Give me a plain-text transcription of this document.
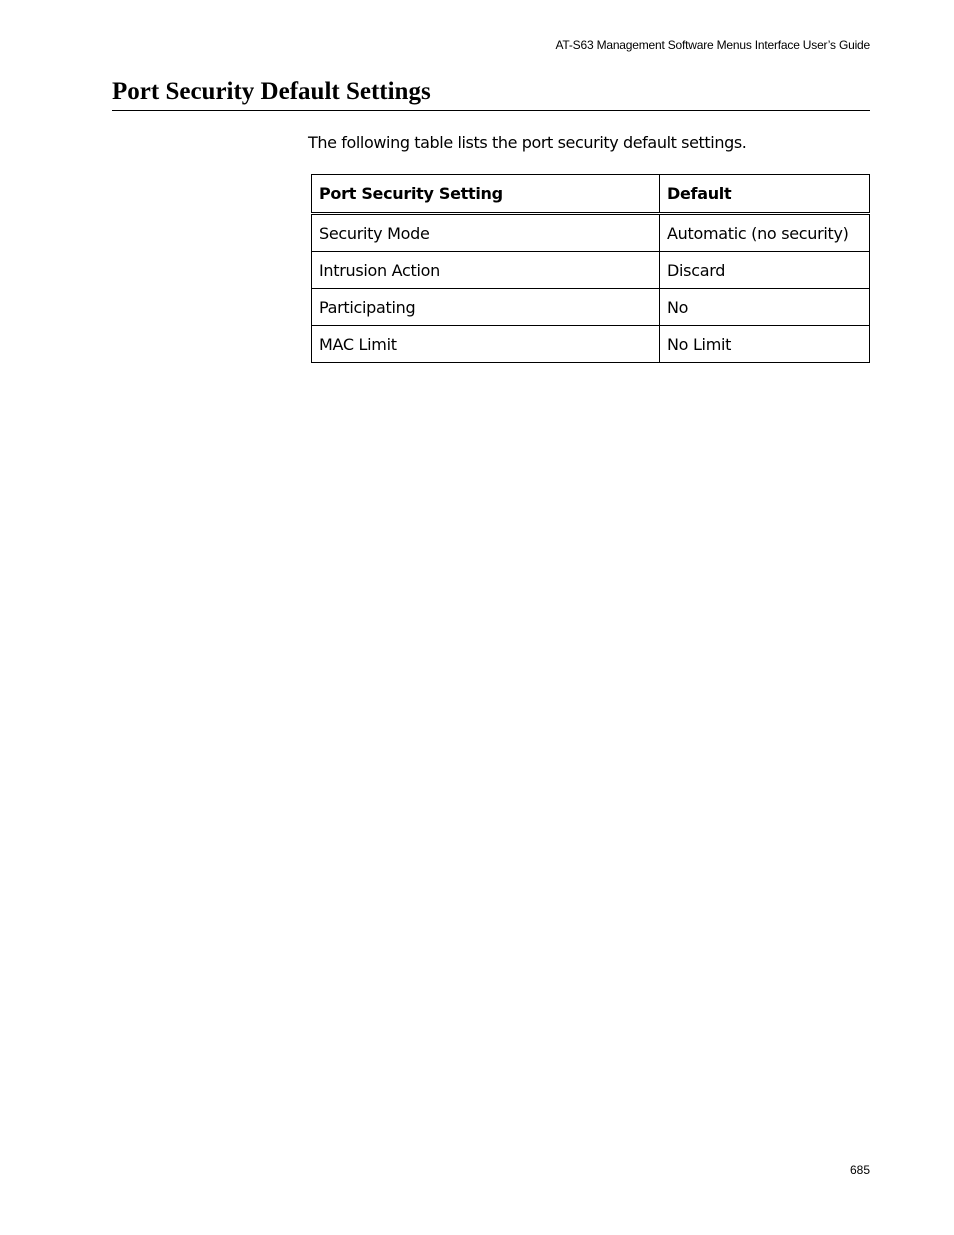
AT-S63 Management Software Menus Interface User’s Guide
Port Security Default Settings

The following table lists the port security default settings.

Port Security Setting	Default
Security Mode	Automatic (no security)
Intrusion Action	Discard
Participating	No
MAC Limit	No Limit
685
